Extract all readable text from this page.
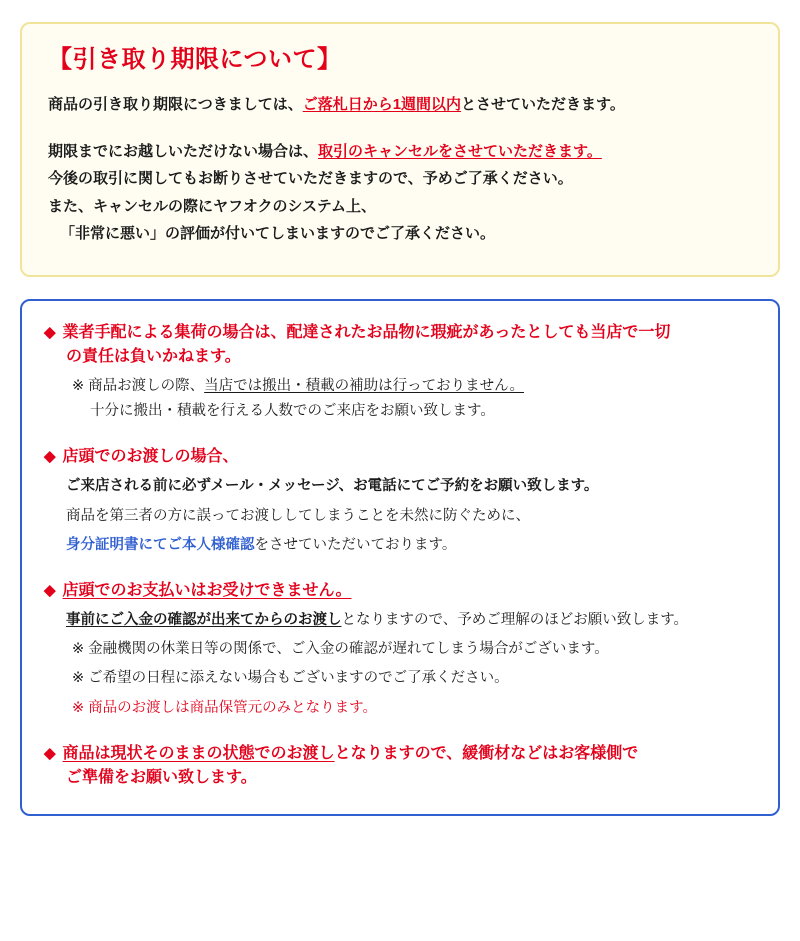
【引き取り期限について】

商品の引き取り期限につきましては、ご落札日から1週間以内とさせていただきます。

期限までにお越しいただけない場合は、取引のキャンセルをさせていただきます。

今後の取引に関してもお断りさせていただきますので、予めご了承ください。

また、キャンセルの際にヤフオクのシステム上、

「非常に悪い」の評価が付いてしまいますのでご了承ください。

◆ 業者手配による集荷の場合は、配達されたお品物に瑕疵があったとしても当店で一切
の責任は負いかねます。
※ 商品お渡しの際、当店では搬出・積載の補助は行っておりません。
十分に搬出・積載を行える人数でのご来店をお願い致します。
◆ 店頭でのお渡しの場合、
ご来店される前に必ずメール・メッセージ、お電話にてご予約をお願い致します。
商品を第三者の方に誤ってお渡ししてしまうことを未然に防ぐために、
身分証明書にてご本人様確認をさせていただいております。
◆ 店頭でのお支払いはお受けできません。
事前にご入金の確認が出来てからのお渡しとなりますので、予めご理解のほどお願い致します。
※ 金融機関の休業日等の関係で、ご入金の確認が遅れてしまう場合がございます。
※ ご希望の日程に添えない場合もございますのでご了承ください。
※ 商品のお渡しは商品保管元のみとなります。
◆ 商品は現状そのままの状態でのお渡しとなりますので、緩衝材などはお客様側で
ご準備をお願い致します。
